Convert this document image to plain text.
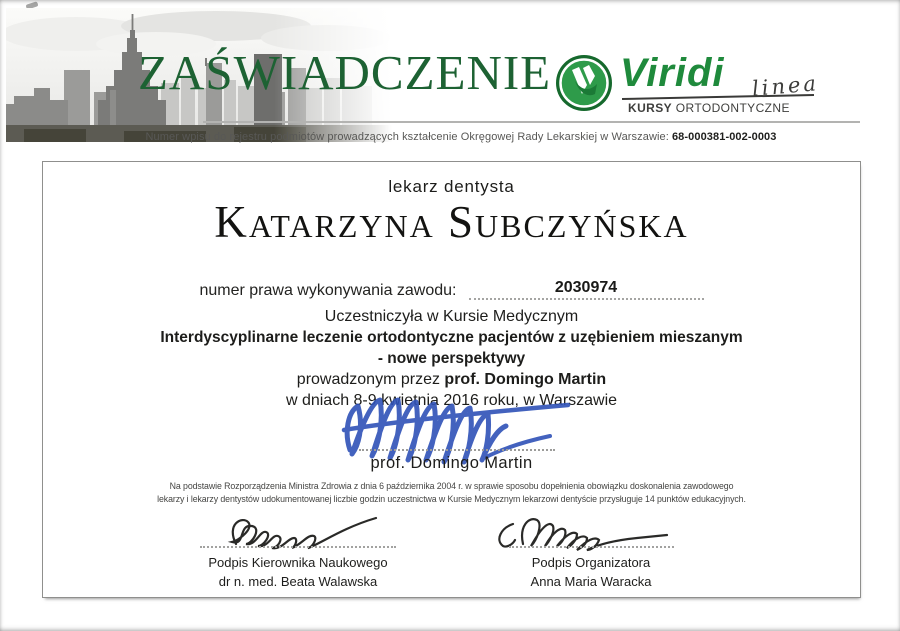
ZAŚWIADCZENIE Viridi linea
KURSY ORTODONTYCZNE
Numer wpisu do rejestru podmiotów prowadzących kształcenie Okręgowej Rady Lekarskiej w Warszawie: 68-000381-002-0003
lekarz dentysta
Katarzyna Subczyńska
numer prawa wykonywania zawodu:	2030974
Uczestniczyła w Kursie Medycznym
Interdyscyplinarne leczenie ortodontyczne pacjentów z uzębieniem mieszanym
- nowe perspektywy
prowadzonym przez prof. Domingo Martin
w dniach 8-9 kwietnia 2016 roku, w Warszawie
prof. Domingo Martin
Na podstawie Rozporządzenia Ministra Zdrowia z dnia 6 października 2004 r. w sprawie sposobu dopełnienia obowiązku doskonalenia zawodowego
lekarzy i lekarzy dentystów udokumentowanej liczbie godzin uczestnictwa w Kursie Medycznym lekarzowi dentyście przysługuje 14 punktów edukacyjnych.
Podpis Kierownika Naukowego
dr n. med. Beata Walawska
Podpis Organizatora
Anna Maria Waracka
